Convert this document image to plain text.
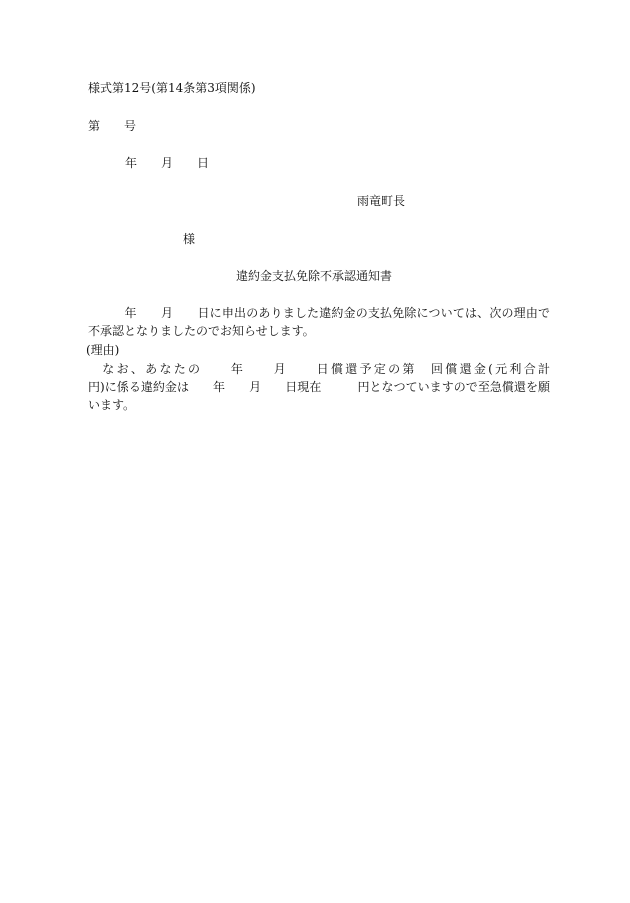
様式第12号(第14条第3項関係)
第　　号
年　　月　　日
雨竜町長
様
違約金支払免除不承認通知書
　　　年　　月　　日に申出のありました違約金の支払免除については、次の理由で不承認となりましたのでお知らせします。
(理由)
　なお、あなたの　　年　　月　　日償還予定の第　回償還金(元利合計　　　　　円)に係る違約金は　　年　　月　　日現在　　　円となつていますので至急償還を願います。
